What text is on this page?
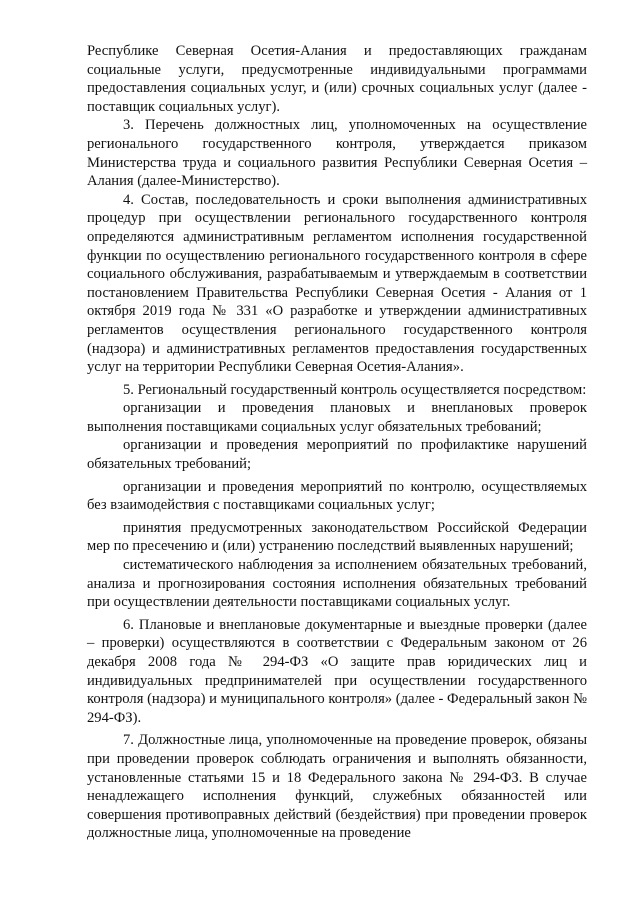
Республике Северная Осетия-Алания и предоставляющих гражданам социальные услуги, предусмотренные индивидуальными программами предоставления социальных услуг, и (или) срочных социальных услуг (далее - поставщик социальных услуг).

3. Перечень должностных лиц, уполномоченных на осуществление регионального государственного контроля, утверждается приказом Министерства труда и социального развития Республики Северная Осетия – Алания (далее-Министерство).

4. Состав, последовательность и сроки выполнения административных процедур при осуществлении регионального государственного контроля определяются административным регламентом исполнения государственной функции по осуществлению регионального государственного контроля в сфере социального обслуживания, разрабатываемым и утверждаемым в соответствии постановлением Правительства Республики Северная Осетия - Алания от 1 октября 2019 года № 331 «О разработке и утверждении административных регламентов осуществления регионального государственного контроля (надзора) и административных регламентов предоставления государственных услуг на территории Республики Северная Осетия-Алания».

5. Региональный государственный контроль осуществляется посредством:

организации и проведения плановых и внеплановых проверок выполнения поставщиками социальных услуг обязательных требований;

организации и проведения мероприятий по профилактике нарушений обязательных требований;

организации и проведения мероприятий по контролю, осуществляемых без взаимодействия с поставщиками социальных услуг;

принятия предусмотренных законодательством Российской Федерации мер по пресечению и (или) устранению последствий выявленных нарушений;

систематического наблюдения за исполнением обязательных требований, анализа и прогнозирования состояния исполнения обязательных требований при осуществлении деятельности поставщиками социальных услуг.

6. Плановые и внеплановые документарные и выездные проверки (далее – проверки) осуществляются в соответствии с Федеральным законом от 26 декабря 2008 года № 294-ФЗ «О защите прав юридических лиц и индивидуальных предпринимателей при осуществлении государственного контроля (надзора) и муниципального контроля» (далее - Федеральный закон № 294-ФЗ).

7. Должностные лица, уполномоченные на проведение проверок, обязаны при проведении проверок соблюдать ограничения и выполнять обязанности, установленные статьями 15 и 18 Федерального закона № 294-ФЗ. В случае ненадлежащего исполнения функций, служебных обязанностей или совершения противоправных действий (бездействия) при проведении проверок должностные лица, уполномоченные на проведение
